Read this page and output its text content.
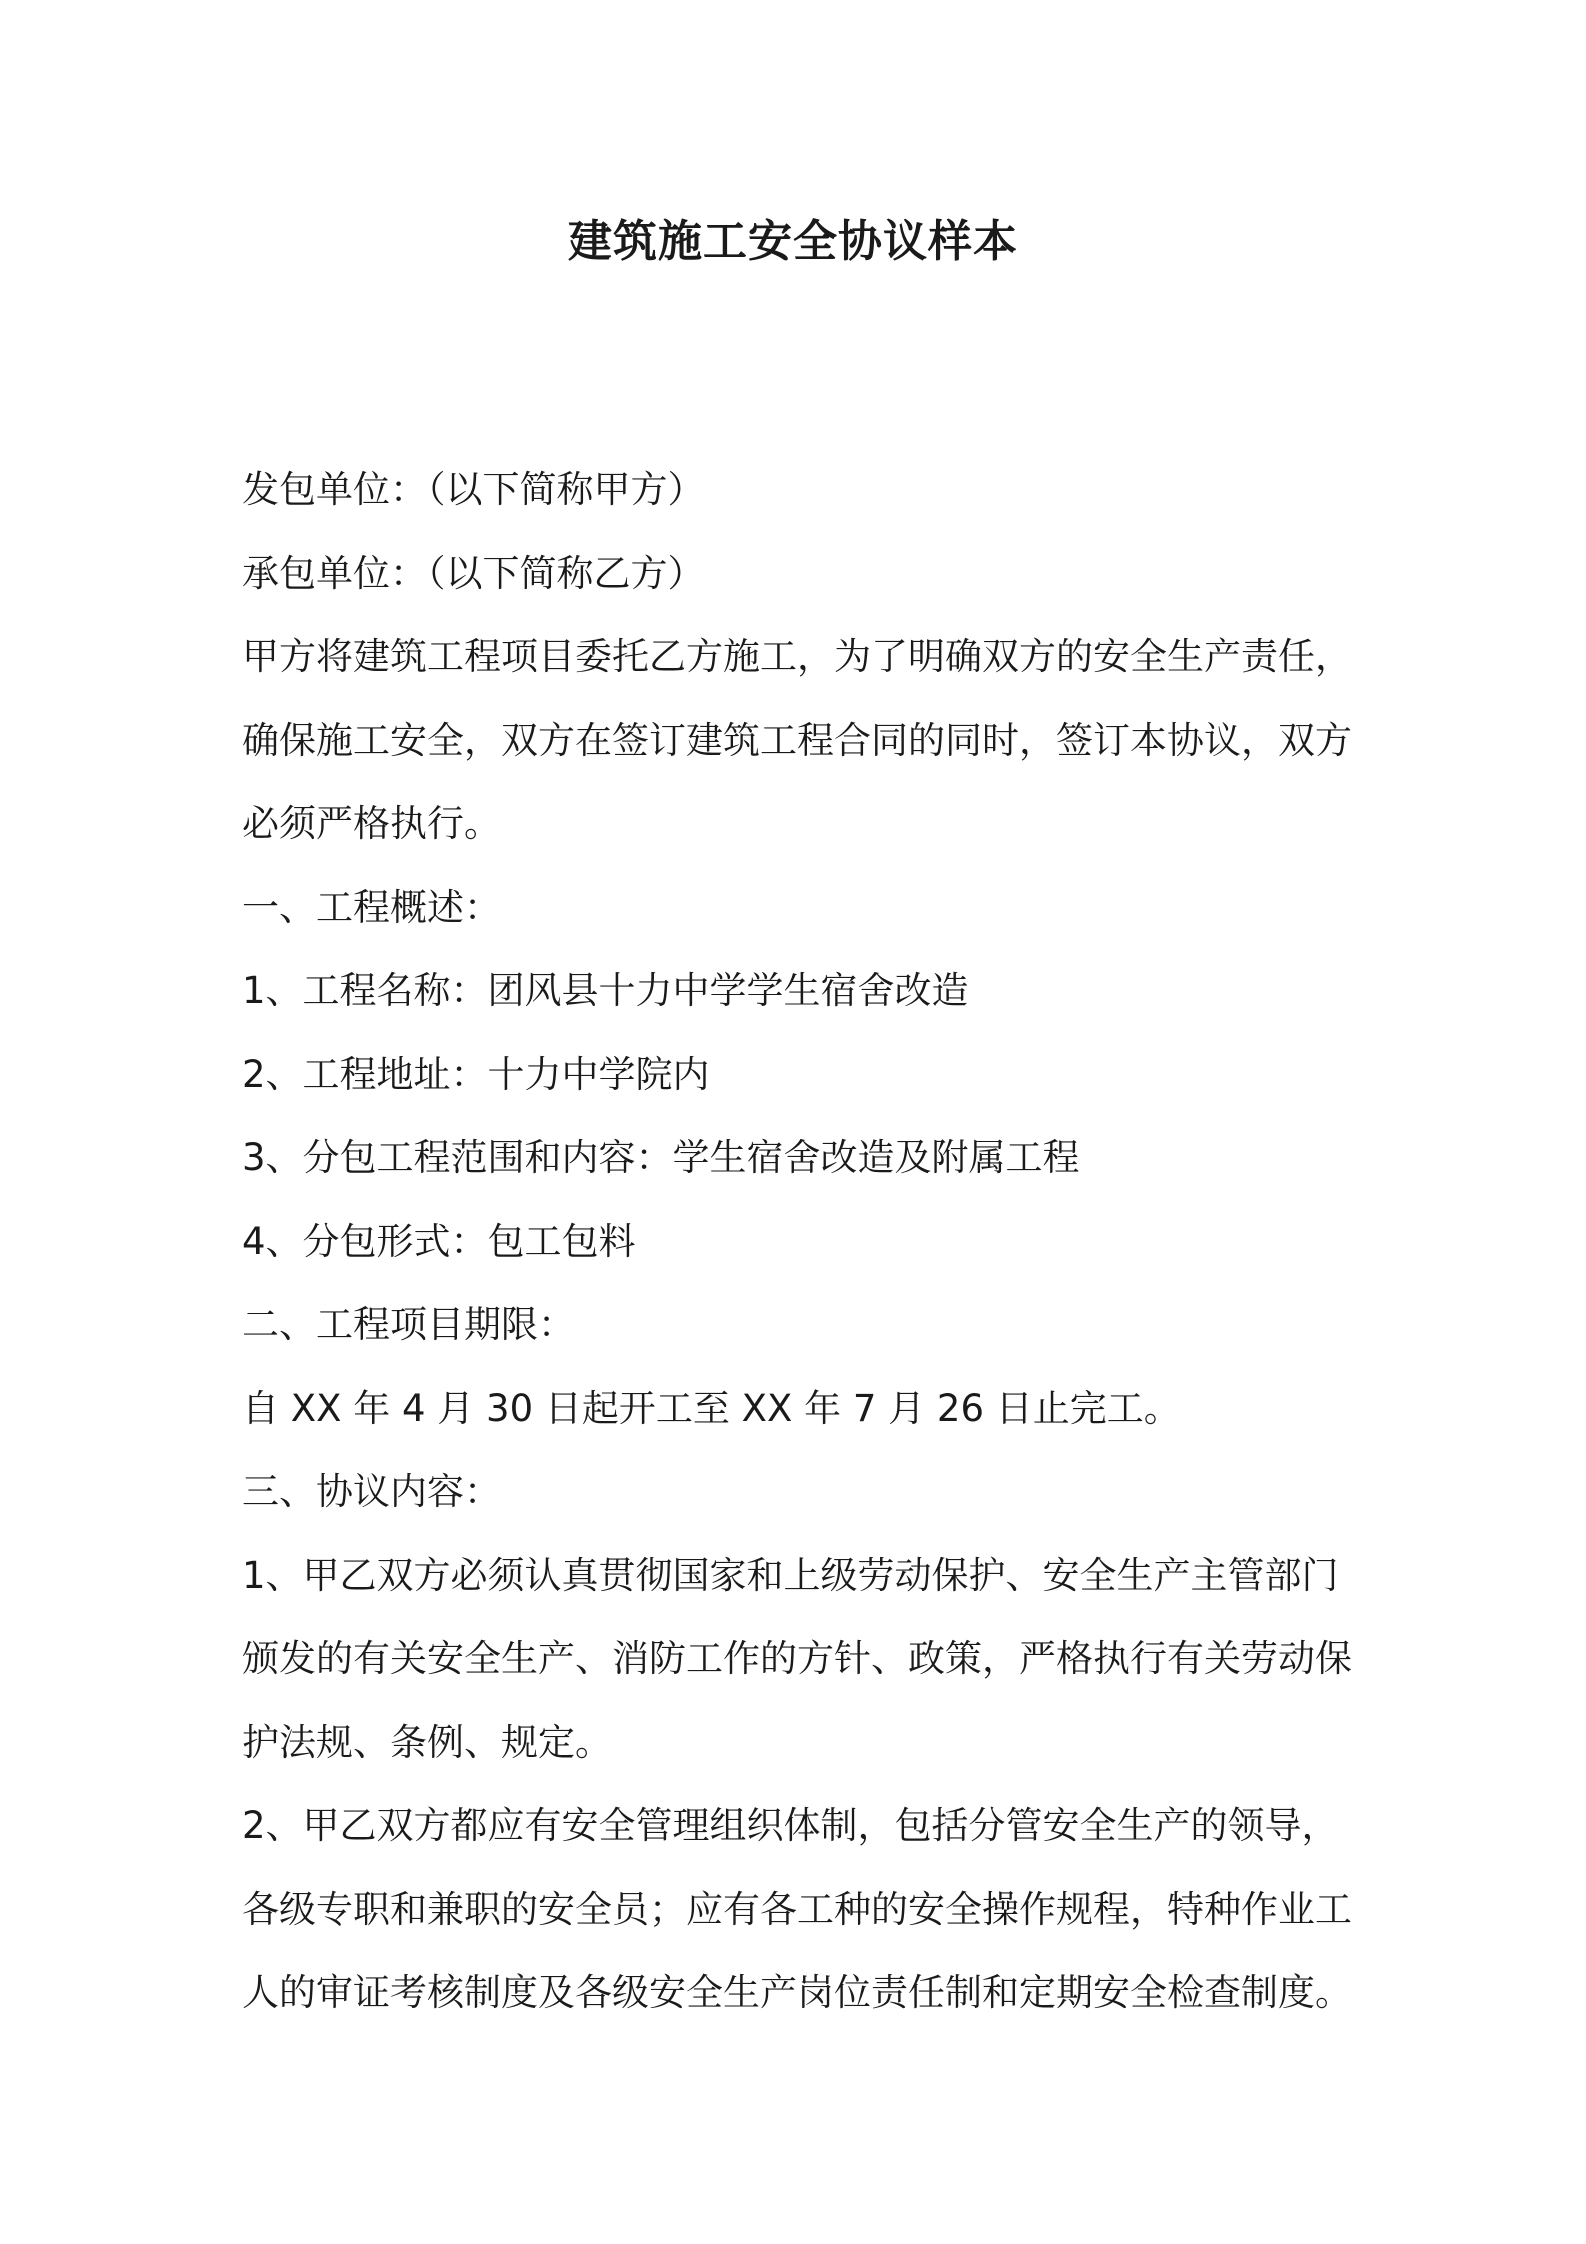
建筑施工安全协议样本

发包单位：（以下简称甲方）

承包单位：（以下简称乙方）

甲方将建筑工程项目委托乙方施工，为了明确双方的安全生产责任，确保施工安全，双方在签订建筑工程合同的同时，签订本协议，双方必须严格执行。

一、工程概述：

1、工程名称：团风县十力中学学生宿舍改造

2、工程地址：十力中学院内

3、分包工程范围和内容：学生宿舍改造及附属工程

4、分包形式：包工包料

二、工程项目期限：

自 XX 年 4 月 30 日起开工至 XX 年 7 月 26 日止完工。

三、协议内容：

1、甲乙双方必须认真贯彻国家和上级劳动保护、安全生产主管部门颁发的有关安全生产、消防工作的方针、政策，严格执行有关劳动保护法规、条例、规定。

2、甲乙双方都应有安全管理组织体制，包括分管安全生产的领导，各级专职和兼职的安全员；应有各工种的安全操作规程，特种作业工人的审证考核制度及各级安全生产岗位责任制和定期安全检查制度。
